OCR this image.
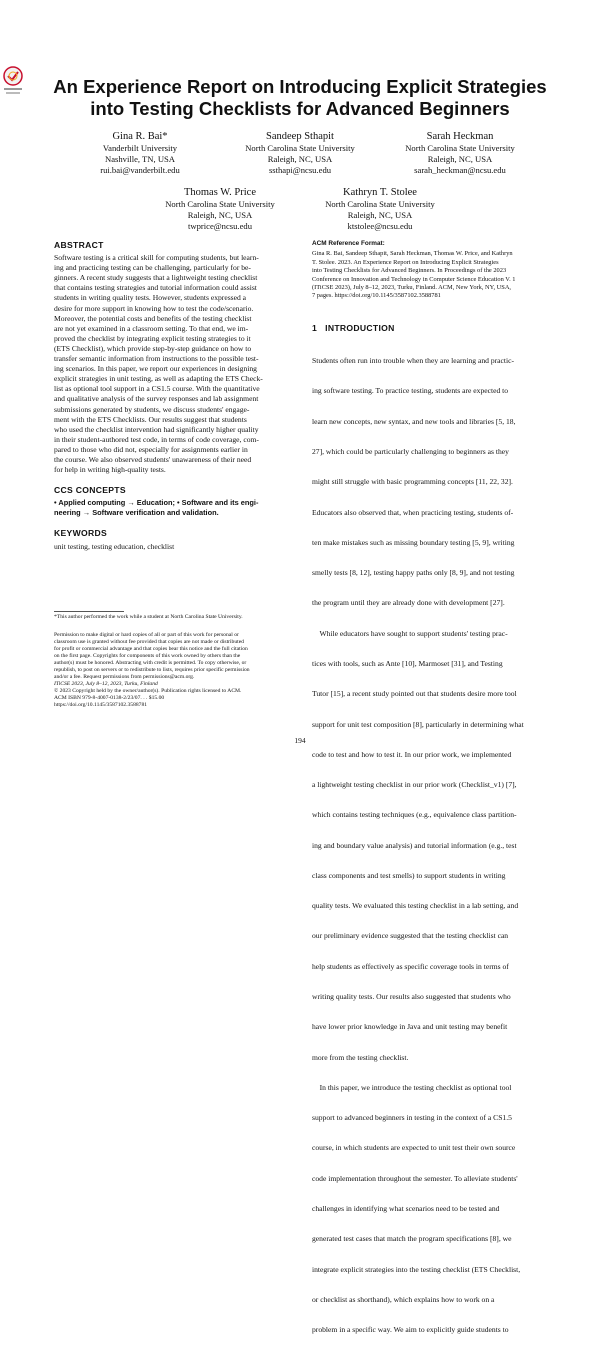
An Experience Report on Introducing Explicit Strategies into Testing Checklists for Advanced Beginners
Gina R. Bai*
Vanderbilt University
Nashville, TN, USA
rui.bai@vanderbilt.edu
Sandeep Sthapit
North Carolina State University
Raleigh, NC, USA
ssthapi@ncsu.edu
Sarah Heckman
North Carolina State University
Raleigh, NC, USA
sarah_heckman@ncsu.edu
Thomas W. Price
North Carolina State University
Raleigh, NC, USA
twprice@ncsu.edu
Kathryn T. Stolee
North Carolina State University
Raleigh, NC, USA
ktstolee@ncsu.edu
ABSTRACT

Software testing is a critical skill for computing students, but learn-

ing and practicing testing can be challenging, particularly for be-

ginners. A recent study suggests that a lightweight testing checklist

that contains testing strategies and tutorial information could assist

students in writing quality tests. However, students expressed a

desire for more support in knowing how to test the code/scenario.

Moreover, the potential costs and benefits of the testing checklist

are not yet examined in a classroom setting. To that end, we im-

proved the checklist by integrating explicit testing strategies to it

(ETS Checklist), which provide step-by-step guidance on how to

transfer semantic information from instructions to the possible test-

ing scenarios. In this paper, we report our experiences in designing

explicit strategies in unit testing, as well as adapting the ETS Check-

list as optional tool support in a CS1.5 course. With the quantitative

and qualitative analysis of the survey responses and lab assignment

submissions generated by students, we discuss students' engage-

ment with the ETS Checklists. Our results suggest that students

who used the checklist intervention had significantly higher quality

in their student-authored test code, in terms of code coverage, com-

pared to those who did not, especially for assignments earlier in

the course. We also observed students' unawareness of their need

for help in writing high-quality tests.

CCS CONCEPTS

• Applied computing → Education; • Software and its engi-

neering → Software verification and validation.

KEYWORDS

unit testing, testing education, checklist

*This author performed the work while a student at North Carolina State University.
Permission to make digital or hard copies of all or part of this work for personal or
classroom use is granted without fee provided that copies are not made or distributed
for profit or commercial advantage and that copies bear this notice and the full citation
on the first page. Copyrights for components of this work owned by others than the
author(s) must be honored. Abstracting with credit is permitted. To copy otherwise, or
republish, to post on servers or to redistribute to lists, requires prior specific permission
and/or a fee. Request permissions from permissions@acm.org.
ITiCSE 2023, July 8–12, 2023, Turku, Finland
© 2023 Copyright held by the owner/author(s). Publication rights licensed to ACM.
ACM ISBN 979-8-4007-0138-2/23/07. . . $15.00
https://doi.org/10.1145/3587102.3588781
ACM Reference Format:
Gina R. Bai, Sandeep Sthapit, Sarah Heckman, Thomas W. Price, and Kathryn
T. Stolee. 2023. An Experience Report on Introducing Explicit Strategies
into Testing Checklists for Advanced Beginners. In Proceedings of the 2023
Conference on Innovation and Technology in Computer Science Education V. 1
(ITiCSE 2023), July 8–12, 2023, Turku, Finland. ACM, New York, NY, USA,
7 pages. https://doi.org/10.1145/3587102.3588781
1   INTRODUCTION

Students often run into trouble when they are learning and practic-

ing software testing. To practice testing, students are expected to

learn new concepts, new syntax, and new tools and libraries [5, 18,

27], which could be particularly challenging to beginners as they

might still struggle with basic programming concepts [11, 22, 32].

Educators also observed that, when practicing testing, students of-

ten make mistakes such as missing boundary testing [5, 9], writing

smelly tests [8, 12], testing happy paths only [8, 9], and not testing

the program until they are already done with development [27].

While educators have sought to support students' testing prac-

tices with tools, such as Ante [10], Marmoset [31], and Testing

Tutor [15], a recent study pointed out that students desire more tool

support for unit test composition [8], particularly in determining what

code to test and how to test it. In our prior work, we implemented

a lightweight testing checklist in our prior work (Checklist_v1) [7],

which contains testing techniques (e.g., equivalence class partition-

ing and boundary value analysis) and tutorial information (e.g., test

class components and test smells) to support students in writing

quality tests. We evaluated this testing checklist in a lab setting, and

our preliminary evidence suggested that the testing checklist can

help students as effectively as specific coverage tools in terms of

writing quality tests. Our results also suggested that students who

have lower prior knowledge in Java and unit testing may benefit

more from the testing checklist.

In this paper, we introduce the testing checklist as optional tool

support to advanced beginners in testing in the context of a CS1.5

course, in which students are expected to unit test their own source

code implementation throughout the semester. To alleviate students'

challenges in identifying what scenarios need to be tested and

generated test cases that match the program specifications [8], we

integrate explicit strategies into the testing checklist (ETS Checklist,

or checklist as shorthand), which explains how to work on a

problem in a specific way. We aim to explicitly guide students to

194
